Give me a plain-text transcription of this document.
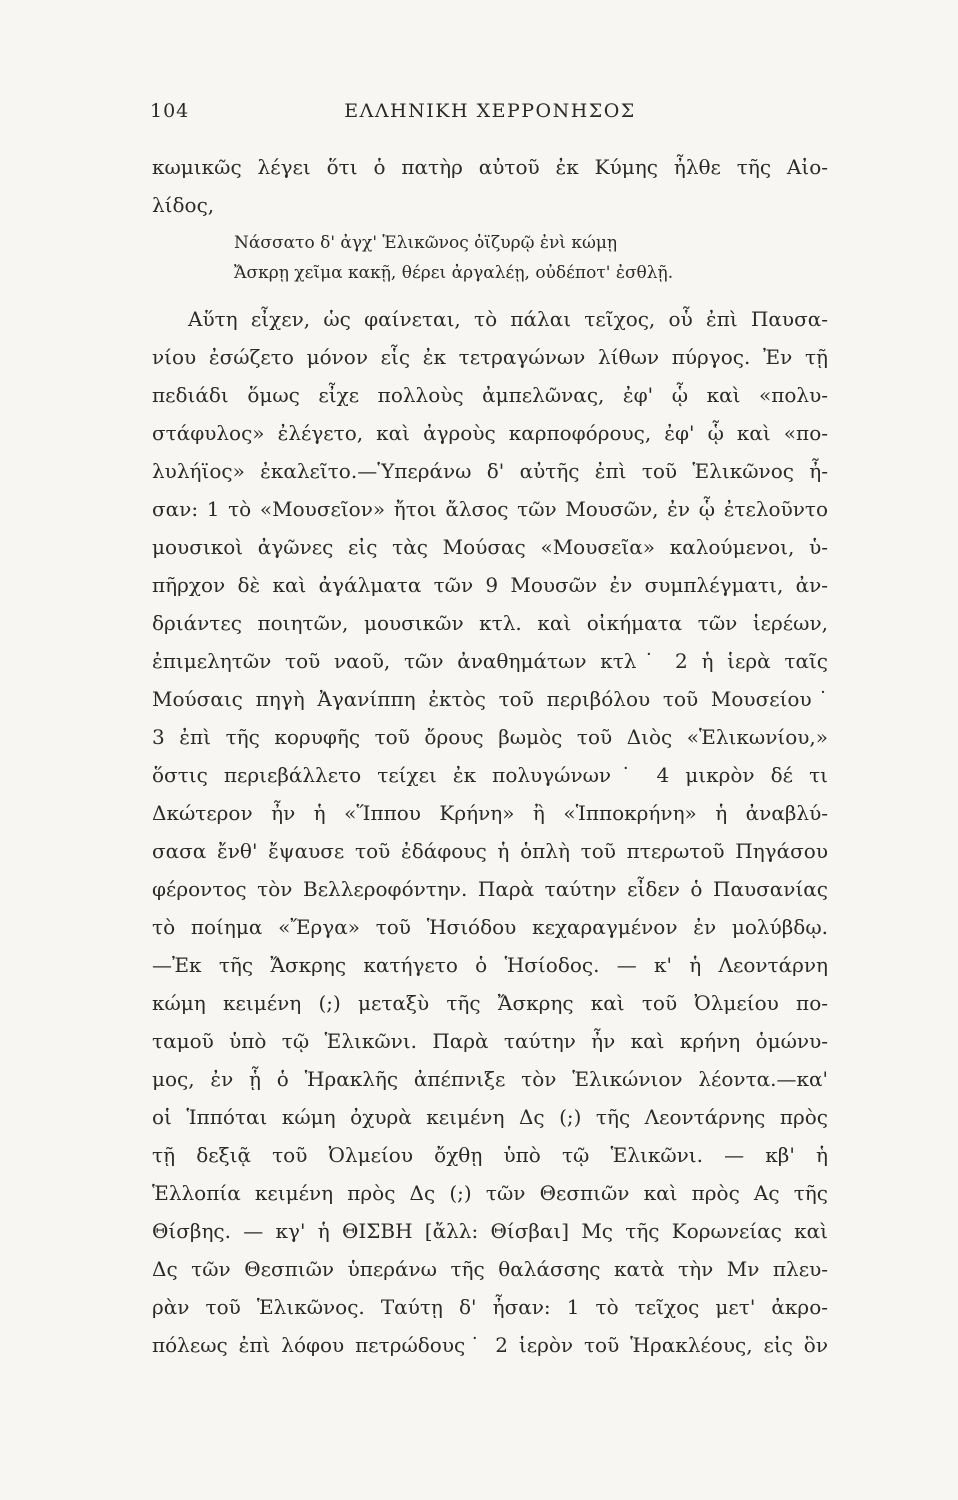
104	ΕΛΛΗΝΙΚΗ ΧΕΡΡΟΝΗΣΟΣ
κωμικῶς λέγει ὅτι ὁ πατὴρ αὐτοῦ ἐκ Κύμης ἦλθε τῆς Αἰο-
λίδος,
Νάσσατο δ' ἀγχ' Ἑλικῶνος ὀϊζυρῷ ἐνὶ κώμῃ
Ἄσκρῃ χεῖμα κακῇ, θέρει ἀργαλέῃ, οὐδέποτ' ἐσθλῇ.
Αὕτη εἶχεν, ὡς φαίνεται, τὸ πάλαι τεῖχος, οὗ ἐπὶ Παυσα-
νίου ἐσώζετο μόνον εἷς ἐκ τετραγώνων λίθων πύργος. Ἐν τῇ
πεδιάδι ὅμως εἶχε πολλοὺς ἀμπελῶνας, ἐφ' ᾧ καὶ «πολυ-
στάφυλος» ἐλέγετο, καὶ ἀγροὺς καρποφόρους, ἐφ' ᾧ καὶ «πο-
λυλήϊος» ἐκαλεῖτο.—Ὑπεράνω δ' αὐτῆς ἐπὶ τοῦ Ἑλικῶνος ἦ-
σαν: 1 τὸ «Μουσεῖον» ἤτοι ἄλσος τῶν Μουσῶν, ἐν ᾧ ἐτελοῦντο
μουσικοὶ ἀγῶνες εἰς τὰς Μούσας «Μουσεῖα» καλούμενοι, ὑ-
πῆρχον δὲ καὶ ἀγάλματα τῶν 9 Μουσῶν ἐν συμπλέγματι, ἀν-
δριάντες ποιητῶν, μουσικῶν κτλ. καὶ οἰκήματα τῶν ἱερέων,
ἐπιμελητῶν τοῦ ναοῦ, τῶν ἀναθημάτων κτλ˙ 2 ἡ ἱερὰ ταῖς
Μούσαις πηγὴ Ἀγανίππη ἐκτὸς τοῦ περιβόλου τοῦ Μουσείου˙
3 ἐπὶ τῆς κορυφῆς τοῦ ὄρους βωμὸς τοῦ Διὸς «Ἑλικωνίου,»
ὅστις περιεβάλλετο τείχει ἐκ πολυγώνων˙ 4 μικρὸν δέ τι
Δκώτερον ἦν ἡ «Ἵππου Κρήνη» ἢ «Ἱπποκρήνη» ἡ ἀναβλύ-
σασα ἔνθ' ἔψαυσε τοῦ ἐδάφους ἡ ὁπλὴ τοῦ πτερωτοῦ Πηγάσου
φέροντος τὸν Βελλεροφόντην. Παρὰ ταύτην εἶδεν ὁ Παυσανίας
τὸ ποίημα «Ἔργα» τοῦ Ἡσιόδου κεχαραγμένον ἐν μολύβδῳ.
—Ἐκ τῆς Ἄσκρης κατήγετο ὁ Ἡσίοδος. — κ' ἡ Λεοντάρνη
κώμη κειμένη (;) μεταξὺ τῆς Ἄσκρης καὶ τοῦ Ὀλμείου πο-
ταμοῦ ὑπὸ τῷ Ἑλικῶνι. Παρὰ ταύτην ἦν καὶ κρήνη ὁμώνυ-
μος, ἐν ᾗ ὁ Ἡρακλῆς ἀπέπνιξε τὸν Ἑλικώνιον λέοντα.—κα'
οἱ Ἱππόται κώμη ὀχυρὰ κειμένη Δς (;) τῆς Λεοντάρνης πρὸς
τῇ δεξιᾷ τοῦ Ὀλμείου ὄχθῃ ὑπὸ τῷ Ἑλικῶνι. — κβ' ἡ
Ἑλλοπία κειμένη πρὸς Δς (;) τῶν Θεσπιῶν καὶ πρὸς Ας τῆς
Θίσβης. — κγ' ἡ ΘΙΣΒΗ [ἄλλ: Θίσβαι] Μς τῆς Κορωνείας καὶ
Δς τῶν Θεσπιῶν ὑπεράνω τῆς θαλάσσης κατὰ τὴν Μν πλευ-
ρὰν τοῦ Ἑλικῶνος. Ταύτῃ δ' ἦσαν: 1 τὸ τεῖχος μετ' ἀκρο-
πόλεως ἐπὶ λόφου πετρώδους˙ 2 ἱερὸν τοῦ Ἡρακλέους, εἰς ὃν
